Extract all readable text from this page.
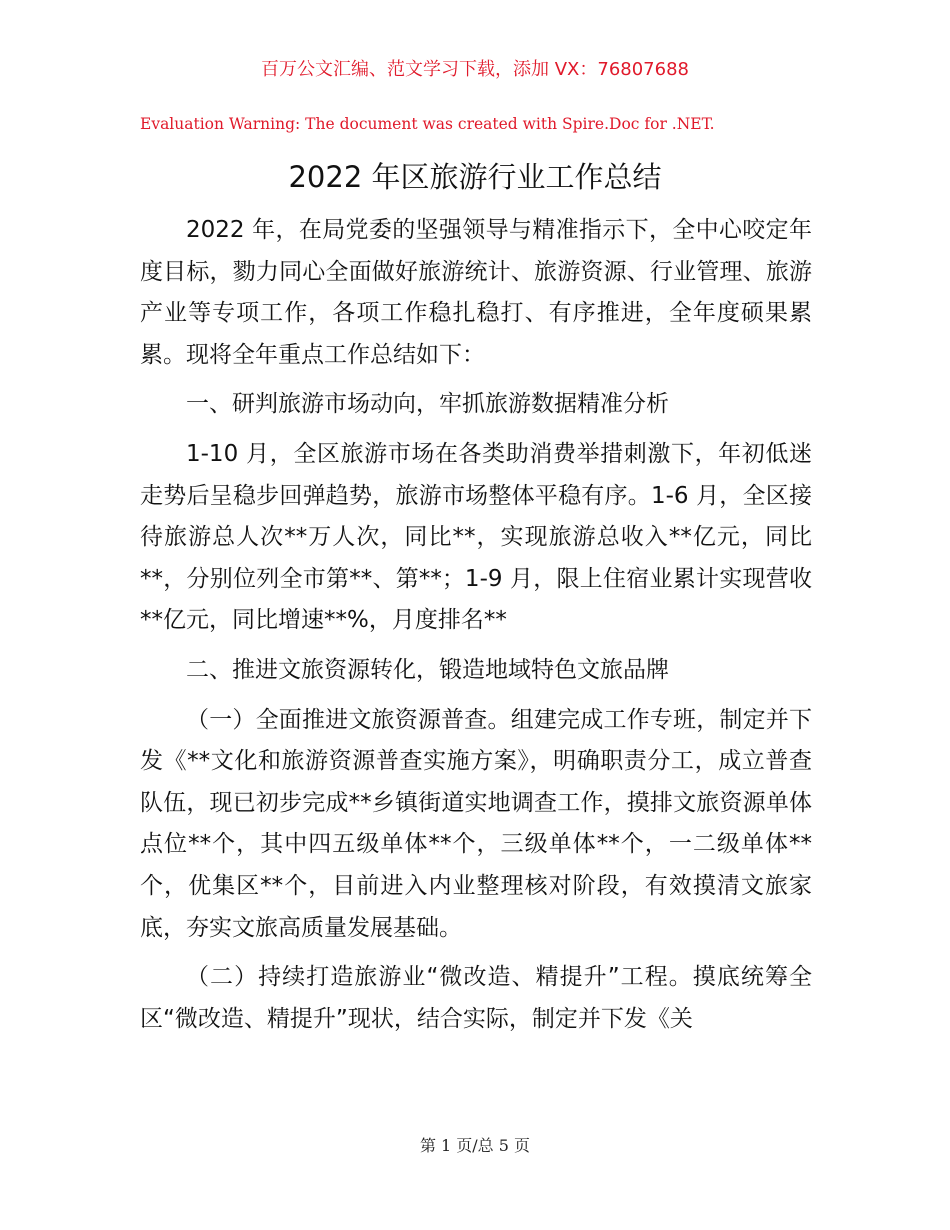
百万公文汇编、范文学习下载，添加 VX：76807688
Evaluation Warning: The document was created with Spire.Doc for .NET.
2022 年区旅游行业工作总结

2022 年，在局党委的坚强领导与精准指示下，全中心咬定年度目标，勠力同心全面做好旅游统计、旅游资源、行业管理、旅游产业等专项工作，各项工作稳扎稳打、有序推进，全年度硕果累累。现将全年重点工作总结如下：

一、研判旅游市场动向，牢抓旅游数据精准分析

1-10 月，全区旅游市场在各类助消费举措刺激下，年初低迷走势后呈稳步回弹趋势，旅游市场整体平稳有序。1-6 月，全区接待旅游总人次**万人次，同比**，实现旅游总收入**亿元，同比**，分别位列全市第**、第**；1-9 月，限上住宿业累计实现营收**亿元，同比增速**%，月度排名**

二、推进文旅资源转化，锻造地域特色文旅品牌

（一）全面推进文旅资源普查。组建完成工作专班，制定并下发《**文化和旅游资源普查实施方案》，明确职责分工，成立普查队伍，现已初步完成**乡镇街道实地调查工作，摸排文旅资源单体点位**个，其中四五级单体**个，三级单体**个，一二级单体**个，优集区**个，目前进入内业整理核对阶段，有效摸清文旅家底，夯实文旅高质量发展基础。

（二）持续打造旅游业“微改造、精提升”工程。摸底统筹全区“微改造、精提升”现状，结合实际，制定并下发《关

第 1 页/总 5 页
